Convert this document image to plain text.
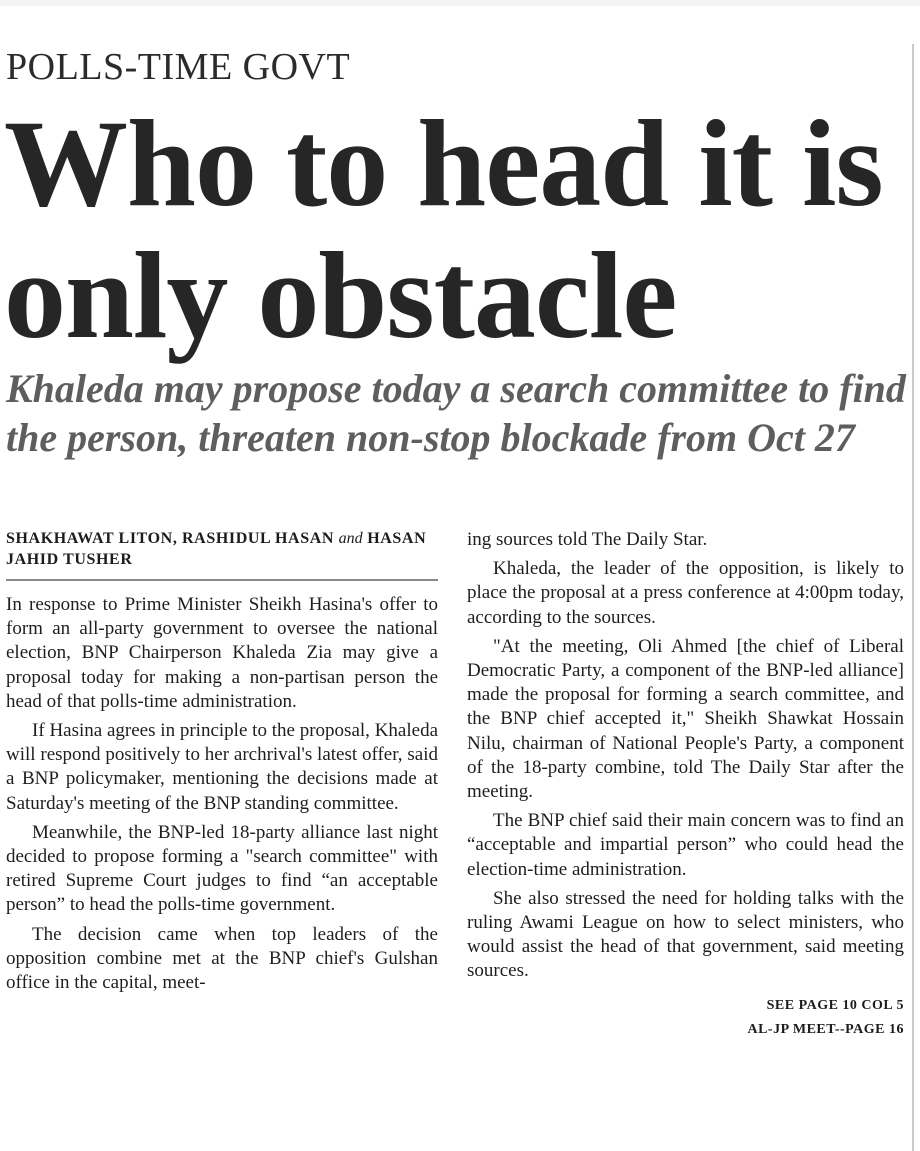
POLLS-TIME GOVT
Who to head it is only obstacle
Khaleda may propose today a search committee to find the person, threaten non-stop blockade from Oct 27
SHAKHAWAT LITON, RASHIDUL HASAN and HASAN JAHID TUSHER

In response to Prime Minister Sheikh Hasina's offer to form an all-party government to oversee the national election, BNP Chairperson Khaleda Zia may give a proposal today for making a non-partisan person the head of that polls-time administration.

If Hasina agrees in principle to the proposal, Khaleda will respond positively to her archrival's latest offer, said a BNP policymaker, mentioning the decisions made at Saturday's meeting of the BNP standing committee.

Meanwhile, the BNP-led 18-party alliance last night decided to propose forming a "search committee" with retired Supreme Court judges to find “an acceptable person” to head the polls-time government.

The decision came when top leaders of the opposition combine met at the BNP chief's Gulshan office in the capital, meet-

ing sources told The Daily Star.

Khaleda, the leader of the opposition, is likely to place the proposal at a press conference at 4:00pm today, according to the sources.

"At the meeting, Oli Ahmed [the chief of Liberal Democratic Party, a component of the BNP-led alliance] made the proposal for forming a search committee, and the BNP chief accepted it," Sheikh Shawkat Hossain Nilu, chairman of National People's Party, a component of the 18-party combine, told The Daily Star after the meeting.

The BNP chief said their main concern was to find an “acceptable and impartial person” who could head the election-time administration.

She also stressed the need for holding talks with the ruling Awami League on how to select ministers, who would assist the head of that government, said meeting sources.

SEE PAGE 10 COL 5
AL-JP MEET--PAGE 16
